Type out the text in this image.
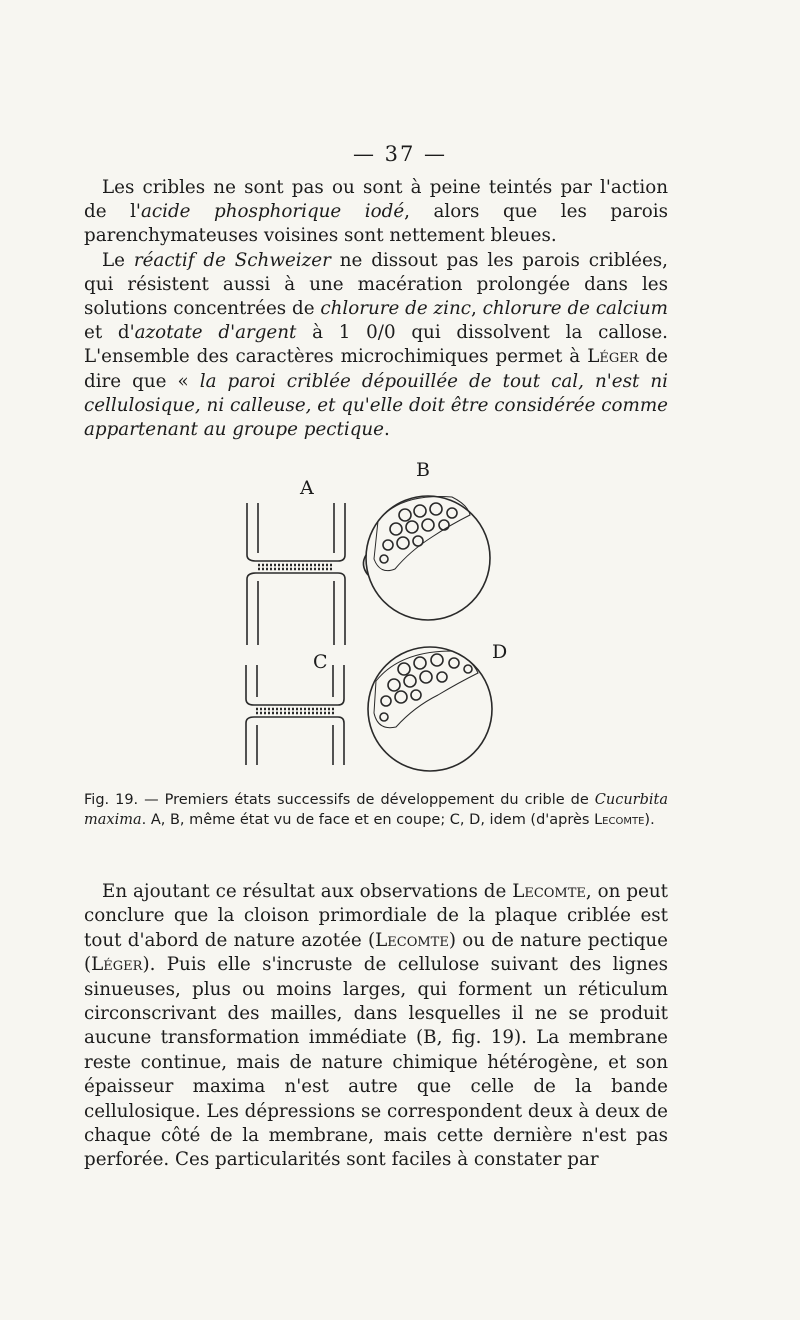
— 37 —

Les cribles ne sont pas ou sont à peine teintés par l'action de l'acide phosphorique iodé, alors que les parois parenchymateuses voisines sont nettement bleues.

Le réactif de Schweizer ne dissout pas les parois criblées, qui résistent aussi à une macération prolongée dans les solutions concentrées de chlorure de zinc, chlorure de calcium et d'azotate d'argent à 1 0/0 qui dissolvent la callose. L'ensemble des caractères microchimiques permet à Léger de dire que « la paroi criblée dépouillée de tout cal, n'est ni cellulosique, ni calleuse, et qu'elle doit être considérée comme appartenant au groupe pectique.

A
B
C	D
Fig. 19. — Premiers états successifs de développement du crible de Cucurbita maxima. A, B, même état vu de face et en coupe; C, D, idem (d'après Lecomte).

En ajoutant ce résultat aux observations de Lecomte, on peut conclure que la cloison primordiale de la plaque criblée est tout d'abord de nature azotée (Lecomte) ou de nature pectique (Léger). Puis elle s'incruste de cellulose suivant des lignes sinueuses, plus ou moins larges, qui forment un réticulum circonscrivant des mailles, dans lesquelles il ne se produit aucune transformation immédiate (B, fig. 19). La membrane reste continue, mais de nature chimique hétérogène, et son épaisseur maxima n'est autre que celle de la bande cellulosique. Les dépressions se correspondent deux à deux de chaque côté de la membrane, mais cette dernière n'est pas perforée. Ces particularités sont faciles à constater par
